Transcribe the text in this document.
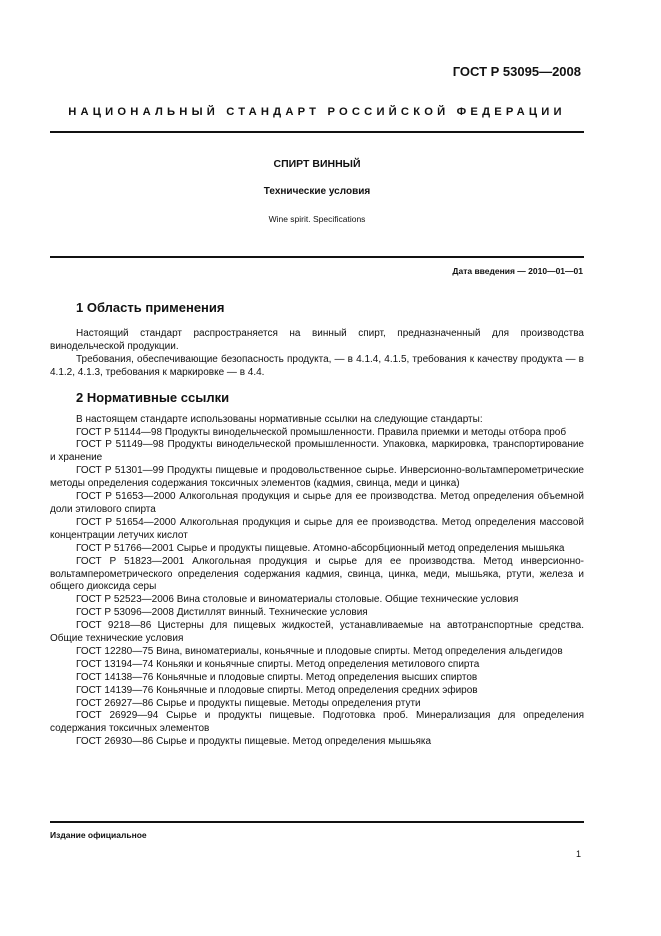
ГОСТ Р 53095—2008
НАЦИОНАЛЬНЫЙ СТАНДАРТ РОССИЙСКОЙ ФЕДЕРАЦИИ
СПИРТ ВИННЫЙ
Технические условия
Wine spirit. Specifications
Дата введения — 2010—01—01
1 Область применения

Настоящий стандарт распространяется на винный спирт, предназначенный для производства винодельческой продукции.

Требования, обеспечивающие безопасность продукта, — в 4.1.4, 4.1.5, требования к качеству продукта — в 4.1.2, 4.1.3, требования к маркировке — в 4.4.

2 Нормативные ссылки

В настоящем стандарте использованы нормативные ссылки на следующие стандарты:

ГОСТ Р 51144—98 Продукты винодельческой промышленности. Правила приемки и методы отбора проб

ГОСТ Р 51149—98 Продукты винодельческой промышленности. Упаковка, маркировка, транспортирование и хранение

ГОСТ Р 51301—99 Продукты пищевые и продовольственное сырье. Инверсионно-вольтамперометрические методы определения содержания токсичных элементов (кадмия, свинца, меди и цинка)

ГОСТ Р 51653—2000 Алкогольная продукция и сырье для ее производства. Метод определения объемной доли этилового спирта

ГОСТ Р 51654—2000 Алкогольная продукция и сырье для ее производства. Метод определения массовой концентрации летучих кислот

ГОСТ Р 51766—2001 Сырье и продукты пищевые. Атомно-абсорбционный метод определения мышьяка

ГОСТ Р 51823—2001 Алкогольная продукция и сырье для ее производства. Метод инверсионно-вольтамперометрического определения содержания кадмия, свинца, цинка, меди, мышьяка, ртути, железа и общего диоксида серы

ГОСТ Р 52523—2006 Вина столовые и виноматериалы столовые. Общие технические условия

ГОСТ Р 53096—2008 Дистиллят винный. Технические условия

ГОСТ 9218—86 Цистерны для пищевых жидкостей, устанавливаемые на автотранспортные средства. Общие технические условия

ГОСТ 12280—75 Вина, виноматериалы, коньячные и плодовые спирты. Метод определения альдегидов

ГОСТ 13194—74 Коньяки и коньячные спирты. Метод определения метилового спирта

ГОСТ 14138—76 Коньячные и плодовые спирты. Метод определения высших спиртов

ГОСТ 14139—76 Коньячные и плодовые спирты. Метод определения средних эфиров

ГОСТ 26927—86 Сырье и продукты пищевые. Методы определения ртути

ГОСТ 26929—94 Сырье и продукты пищевые. Подготовка проб. Минерализация для определения содержания токсичных элементов

ГОСТ 26930—86 Сырье и продукты пищевые. Метод определения мышьяка

Издание официальное
1
